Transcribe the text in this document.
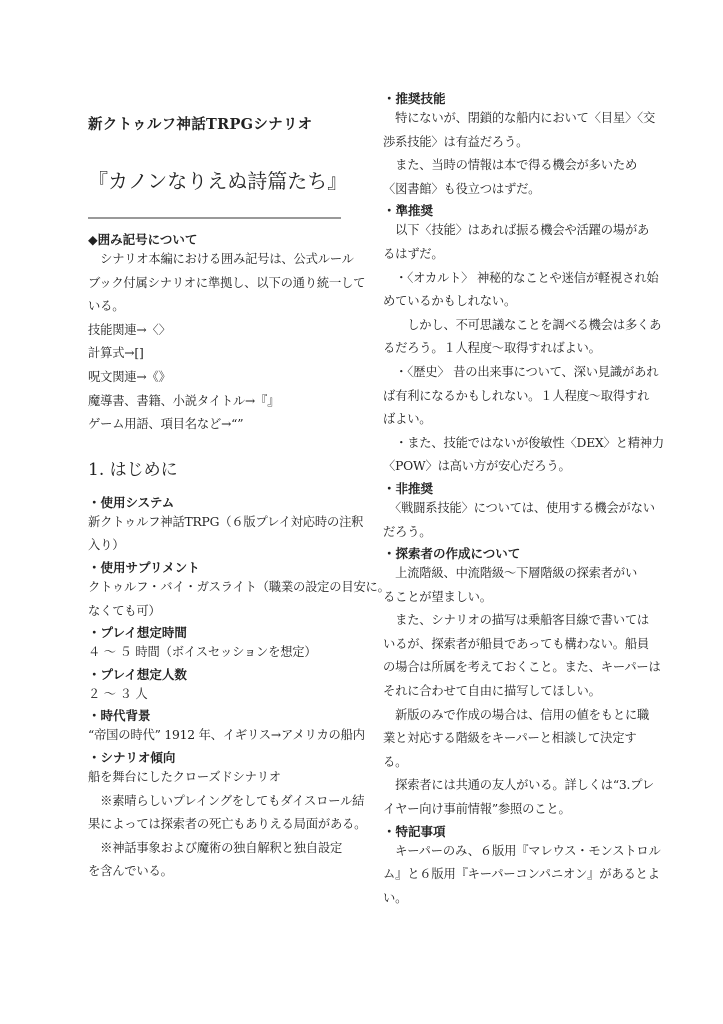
新クトゥルフ神話TRPGシナリオ
『カノンなりえぬ詩篇たち』
◆囲み記号について
　シナリオ本編における囲み記号は、公式ルール
ブック付属シナリオに準拠し、以下の通り統一して
いる。
技能関連→〈〉
計算式→[]
呪文関連→《》
魔導書、書籍、小説タイトル→『』
ゲーム用語、項目名など→“”
1. はじめに
・使用システム
新クトゥルフ神話TRPG（６版プレイ対応時の注釈
入り）
・使用サプリメント
クトゥルフ・バイ・ガスライト（職業の設定の目安に。
なくても可）
・プレイ想定時間
４ 〜 ５ 時間（ボイスセッションを想定）
・プレイ想定人数
２ 〜 ３ 人
・時代背景
“帝国の時代” 1912 年、イギリス→アメリカの船内
・シナリオ傾向
船を舞台にしたクローズドシナリオ
　※素晴らしいプレイングをしてもダイスロール結
果によっては探索者の死亡もありえる局面がある。
　※神話事象および魔術の独自解釈と独自設定
を含んでいる。
・推奨技能
　特にないが、閉鎖的な船内において〈目星〉〈交
渉系技能〉は有益だろう。
　また、当時の情報は本で得る機会が多いため
〈図書館〉も役立つはずだ。
・準推奨
　以下〈技能〉はあれば振る機会や活躍の場があ
るはずだ。
　・〈オカルト〉 神秘的なことや迷信が軽視され始
めているかもしれない。
　　しかし、不可思議なことを調べる機会は多くあ
るだろう。１人程度〜取得すればよい。
　・〈歴史〉 昔の出来事について、深い見識があれ
ば有利になるかもしれない。１人程度〜取得すれ
ばよい。
　・また、技能ではないが俊敏性〈DEX〉と精神力
〈POW〉は高い方が安心だろう。
・非推奨
　〈戦闘系技能〉については、使用する機会がない
だろう。
・探索者の作成について
　上流階級、中流階級〜下層階級の探索者がい
ることが望ましい。
　また、シナリオの描写は乗船客目線で書いては
いるが、探索者が船員であっても構わない。船員
の場合は所属を考えておくこと。また、キーパーは
それに合わせて自由に描写してほしい。
　新版のみで作成の場合は、信用の値をもとに職
業と対応する階級をキーパーと相談して決定す
る。
　探索者には共通の友人がいる。詳しくは“3.プレ
イヤー向け事前情報”参照のこと。
・特記事項
　キーパーのみ、６版用『マレウス・モンストロル
ム』と６版用『キーパーコンパニオン』があるとよ
い。
